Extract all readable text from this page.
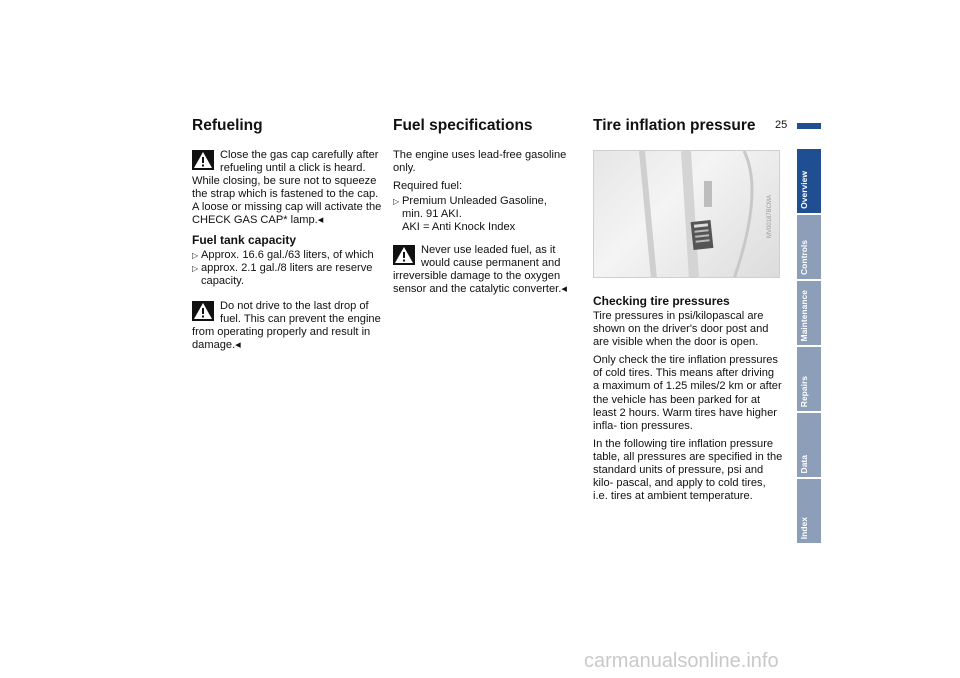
Refueling
Close the gas cap carefully after refueling until a click is heard. While closing, be sure not to squeeze the strap which is fastened to the cap. A loose or missing cap will activate the CHECK GAS CAP* lamp.◂
Fuel tank capacity
▷ Approx. 16.6 gal./63 liters, of which
▷ approx. 2.1 gal./8 liters are reserve capacity.
Do not drive to the last drop of fuel. This can prevent the engine from operating properly and result in damage.◂
Fuel specifications

The engine uses lead-free gasoline only.

Required fuel:

▷ Premium Unleaded Gasoline,
min. 91 AKI.
AKI = Anti Knock Index
Never use leaded fuel, as it would cause permanent and irreversible damage to the oxygen sensor and the catalytic converter.◂
Tire inflation pressure
MV00187BCMA
Checking tire pressures

Tire pressures in psi/kilopascal are shown on the driver's door post and are visible when the door is open.

Only check the tire inflation pressures of cold tires. This means after driving a maximum of 1.25 miles/2 km or after the vehicle has been parked for at least 2 hours. Warm tires have higher infla- tion pressures.

In the following tire inflation pressure table, all pressures are specified in the standard units of pressure, psi and kilo- pascal, and apply to cold tires, i.e. tires at ambient temperature.

25
Overview
Controls
Maintenance
Repairs
Data
Index
carmanualsonline.info
